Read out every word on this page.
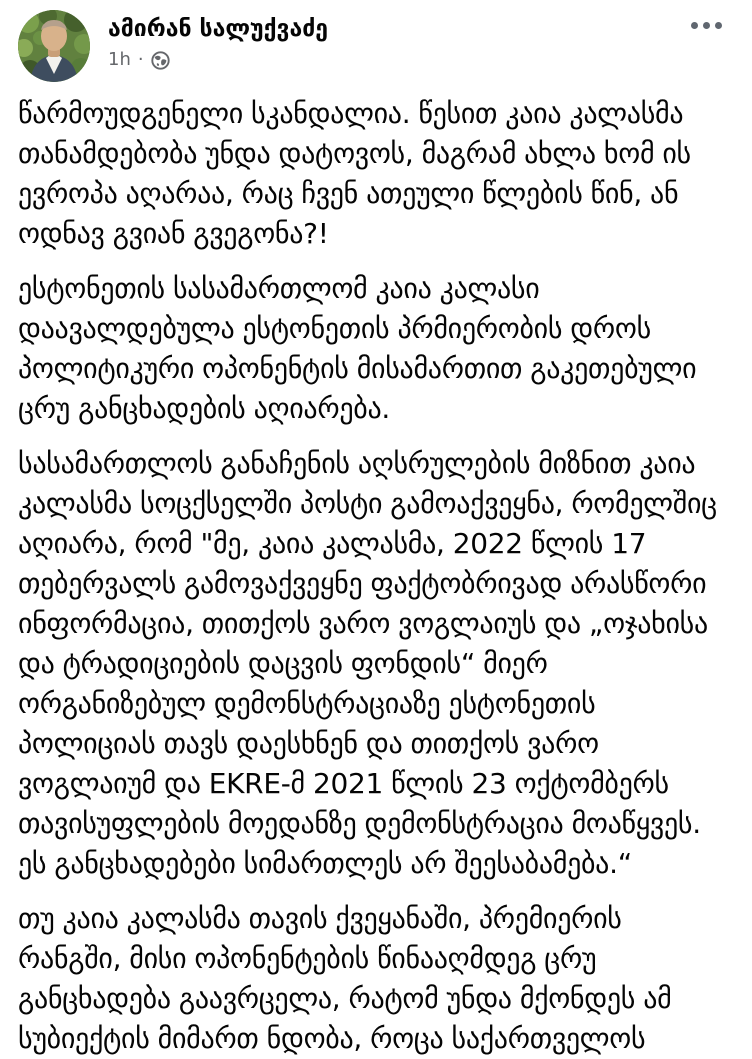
ამირან სალუქვაძე
1h ·

წარმოუდგენელი სკანდალია. წესით კაია კალასმა თანამდებობა უნდა დატოვოს, მაგრამ ახლა ხომ ის ევროპა აღარაა, რაც ჩვენ ათეული წლების წინ, ან ოდნავ გვიან გვეგონა?!

ესტონეთის სასამართლომ კაია კალასი დაავალდებულა ესტონეთის პრმიერობის დროს პოლიტიკური ოპონენტის მისამართით გაკეთებული ცრუ განცხადების აღიარება.

სასამართლოს განაჩენის აღსრულების მიზნით კაია კალასმა სოცქსელში პოსტი გამოაქვეყნა, რომელშიც აღიარა, რომ "მე, კაია კალასმა, 2022 წლის 17 თებერვალს გამოვაქვეყნე ფაქტობრივად არასწორი ინფორმაცია, თითქოს ვარო ვოგლაიუს და „ოჯახისა და ტრადიციების დაცვის ფონდის“ მიერ ორგანიზებულ დემონსტრაციაზე ესტონეთის პოლიციას თავს დაესხნენ და თითქოს ვარო ვოგლაიუმ და EKRE-მ 2021 წლის 23 ოქტომბერს თავისუფლების მოედანზე დემონსტრაცია მოაწყვეს. ეს განცხადებები სიმართლეს არ შეესაბამება.“

თუ კაია კალასმა თავის ქვეყანაში, პრემიერის რანგში, მისი ოპონენტების წინააღმდეგ ცრუ განცხადება გაავრცელა, რატომ უნდა მქონდეს ამ სუბიექტის მიმართ ნდობა, როცა საქართველოს
